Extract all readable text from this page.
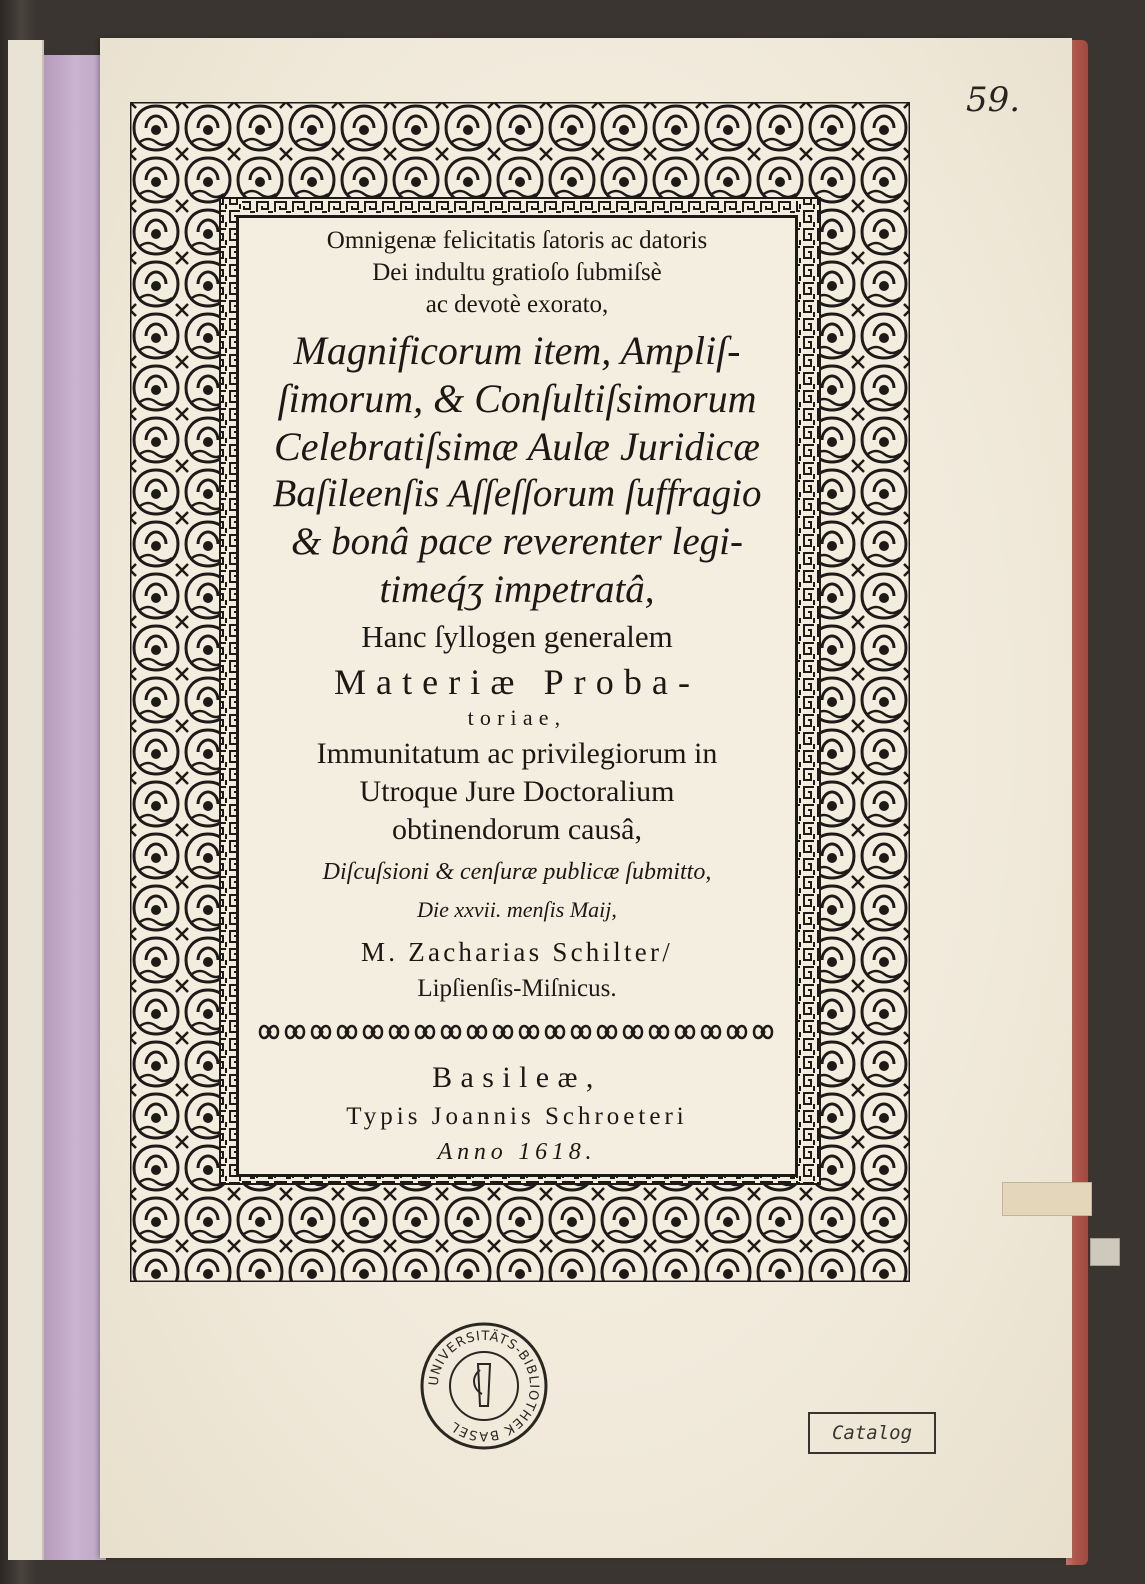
59.
Omnigenæ felicitatis ſatoris ac datoris
Dei indultu gratioſo ſubmiſsè
ac devotè exorato,
Magnificorum item, Ampliſ-
ſimorum, & Conſultiſsimorum
Celebratiſsimæ Aulæ Juridicæ
Baſileenſis Aſſeſſorum ſuffragio
& bonâ pace reverenter legi-
timeq́ʒ impetratâ,
Hanc ſyllogen generalem
Materiæ Proba-
toriae,
Immunitatum ac privilegiorum in
Utroque Jure Doctoralium
obtinendorum causâ,
Diſcuſsioni & cenſuræ publicæ ſubmitto,
Die xxvii. menſis Maij,
M. Zacharias Schilter/
Lipſienſis-Miſnicus.
Basileæ,
Typis Joannis Schroeteri
Anno 1618.
UNIVERSITÄTS-BIBLIOTHEK BASEL	Catalog
